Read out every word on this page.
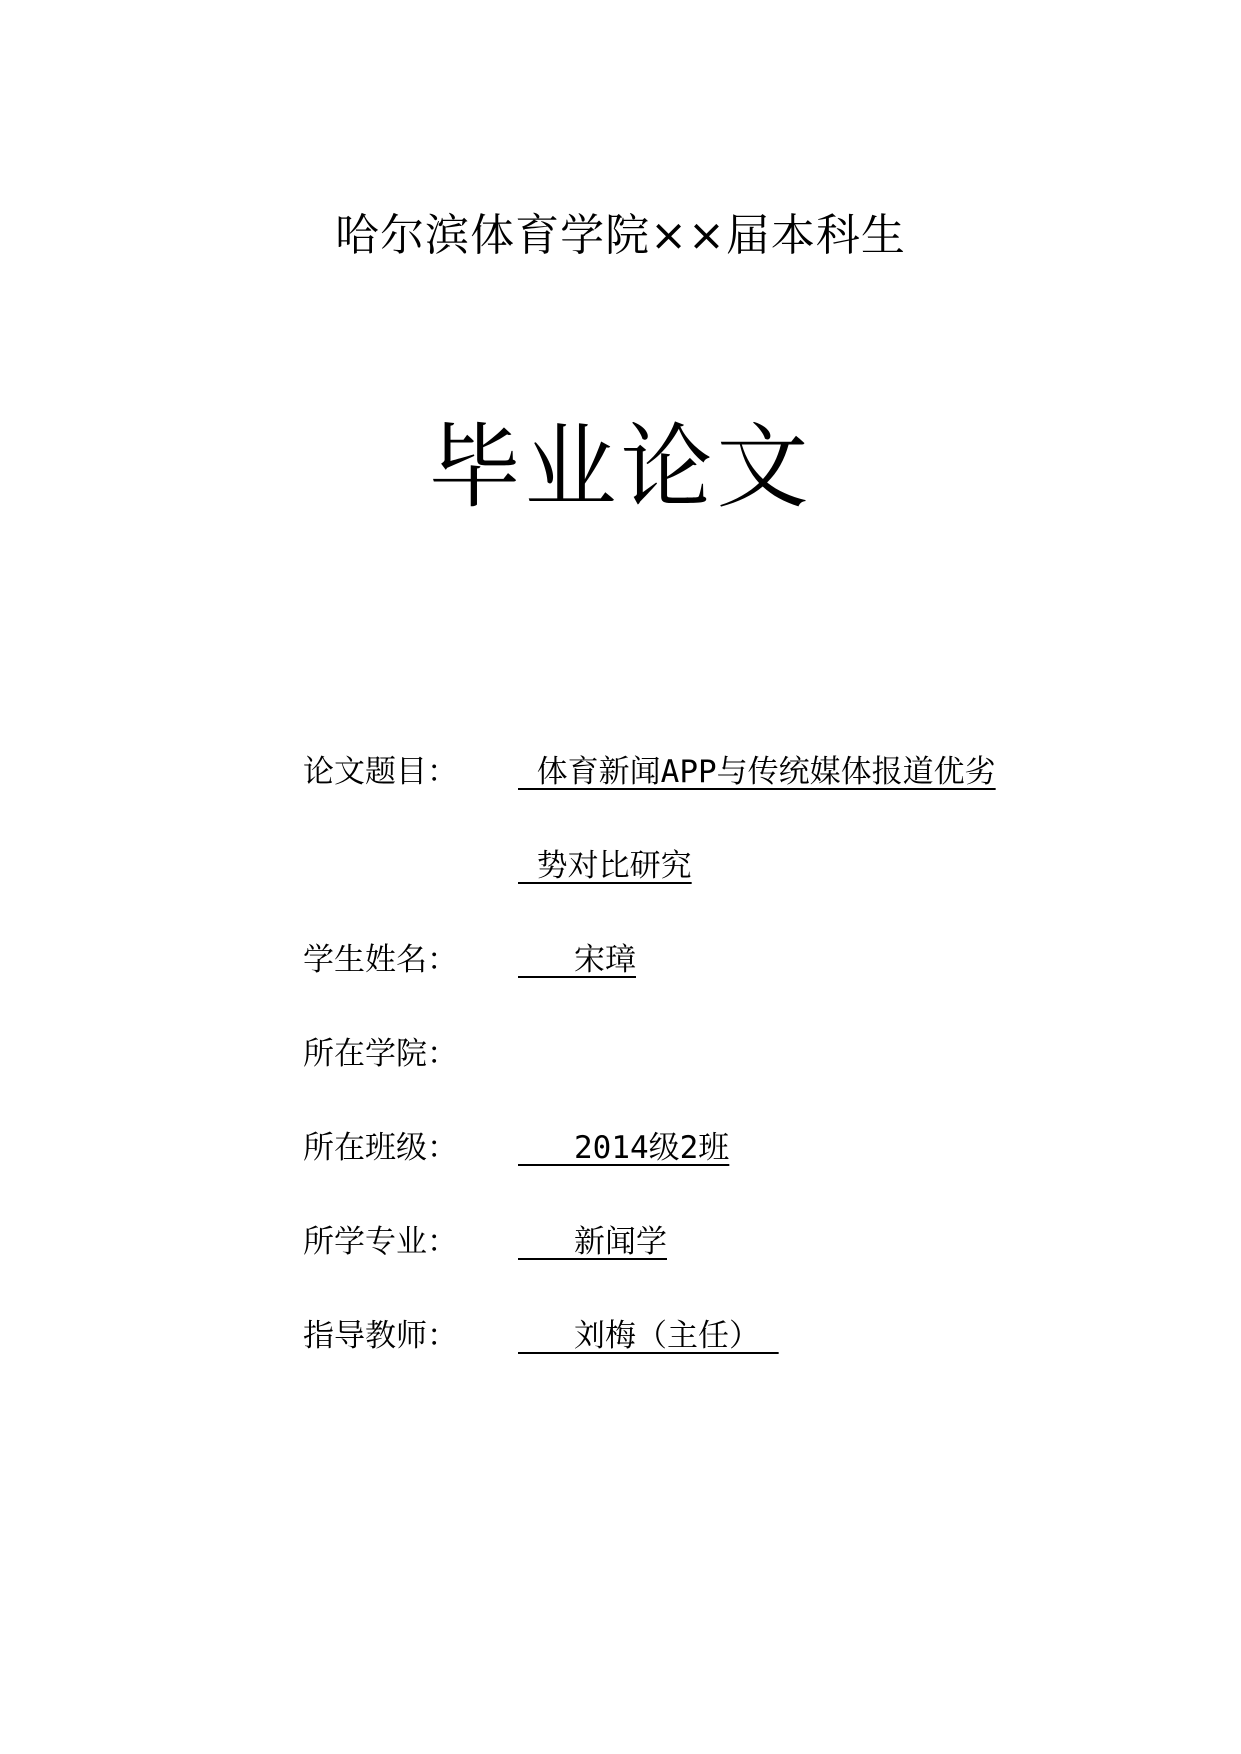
哈尔滨体育学院××届本科生
毕业论文
论文题目： 体育新闻APP与传统媒体报道优劣
势对比研究
学生姓名： 宋璋
所在学院：
所在班级： 2014级2班
所学专业： 新闻学
指导教师： 刘梅（主任）
